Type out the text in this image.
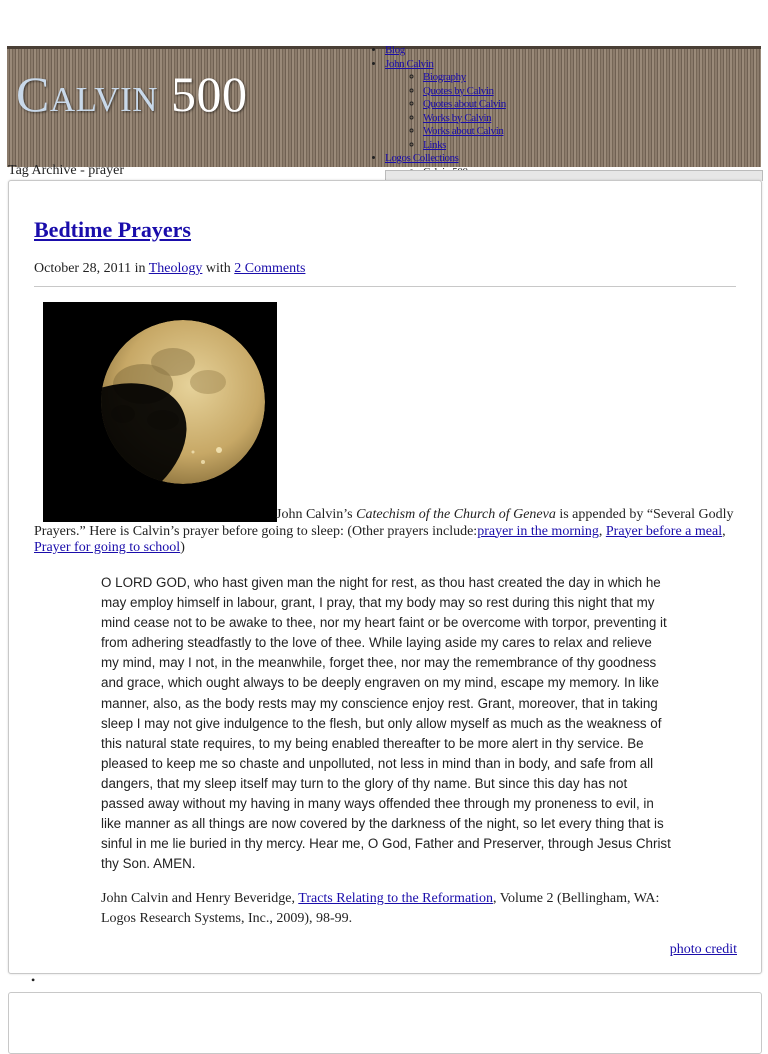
Calvin 500
• Blog
• John Calvin
◦ Biography
◦ Quotes by Calvin
◦ Quotes about Calvin
◦ Works by Calvin
◦ Works about Calvin
◦ Links
• Logos Collections
◦
Tag Archive - prayer
Bedtime Prayers
October 28, 2011 in Theology with 2 Comments
John Calvin’s Catechism of the Church of Geneva is appended by “Several Godly Prayers.” Here is Calvin’s prayer before going to sleep: (Other prayers include:prayer in the morning, Prayer before a meal, Prayer for going to school)
O LORD GOD, who hast given man the night for rest, as thou hast created the day in which he may employ himself in labour, grant, I pray, that my body may so rest during this night that my mind cease not to be awake to thee, nor my heart faint or be overcome with torpor, preventing it from adhering steadfastly to the love of thee. While laying aside my cares to relax and relieve my mind, may I not, in the meanwhile, forget thee, nor may the remembrance of thy goodness and grace, which ought always to be deeply engraven on my mind, escape my memory. In like manner, also, as the body rests may my conscience enjoy rest. Grant, moreover, that in taking sleep I may not give indulgence to the flesh, but only allow myself as much as the weakness of this natural state requires, to my being enabled thereafter to be more alert in thy service. Be pleased to keep me so chaste and unpolluted, not less in mind than in body, and safe from all dangers, that my sleep itself may turn to the glory of thy name. But since this day has not passed away without my having in many ways offended thee through my proneness to evil, in like manner as all things are now covered by the darkness of the night, so let every thing that is sinful in me lie buried in thy mercy. Hear me, O God, Father and Preserver, through Jesus Christ thy Son. AMEN.
John Calvin and Henry Beveridge, Tracts Relating to the Reformation, Volume 2 (Bellingham, WA: Logos Research Systems, Inc., 2009), 98-99.
photo credit
•
